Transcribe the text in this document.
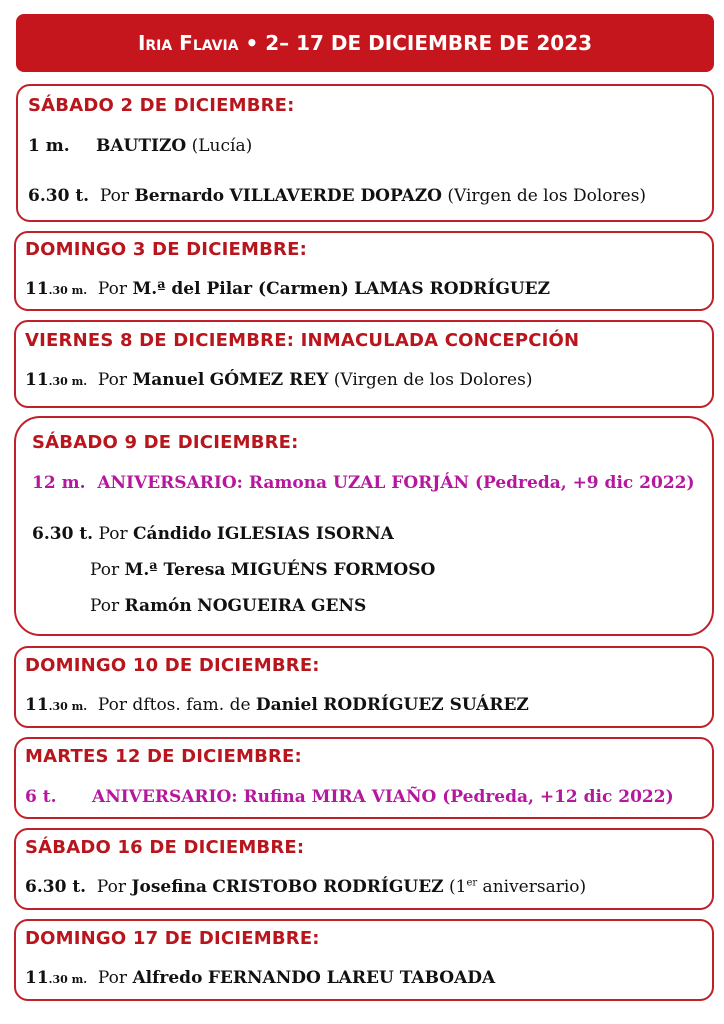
Iria Flavia • 2– 17 DE DICIEMBRE DE 2023
SÁBADO 2 DE DICIEMBRE:
1 m. BAUTIZO (Lucía)
6.30 t. Por Bernardo VILLAVERDE DOPAZO (Virgen de los Dolores)
DOMINGO 3 DE DICIEMBRE:
11.30 m. Por M.ª del Pilar (Carmen) LAMAS RODRÍGUEZ
VIERNES 8 DE DICIEMBRE: INMACULADA CONCEPCIÓN
11.30 m. Por Manuel GÓMEZ REY (Virgen de los Dolores)
SÁBADO 9 DE DICIEMBRE:
12 m. ANIVERSARIO: Ramona UZAL FORJÁN (Pedreda, +9 dic 2022)
6.30 t. Por Cándido IGLESIAS ISORNA
Por M.ª Teresa MIGUÉNS FORMOSO
Por Ramón NOGUEIRA GENS
DOMINGO 10 DE DICIEMBRE:
11.30 m. Por dftos. fam. de Daniel RODRÍGUEZ SUÁREZ
MARTES 12 DE DICIEMBRE:
6 t. ANIVERSARIO: Rufina MIRA VIAÑO (Pedreda, +12 dic 2022)
SÁBADO 16 DE DICIEMBRE:
6.30 t. Por Josefina CRISTOBO RODRÍGUEZ (1er aniversario)
DOMINGO 17 DE DICIEMBRE:
11.30 m. Por Alfredo FERNANDO LAREU TABOADA
